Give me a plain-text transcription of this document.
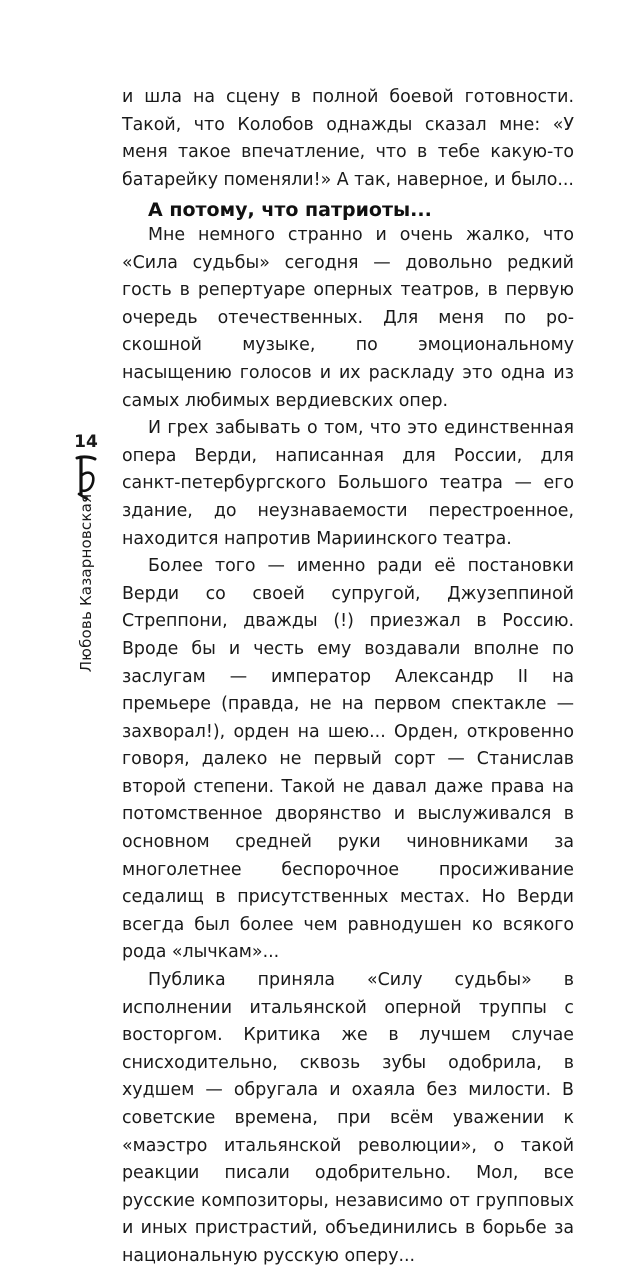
и шла на сцену в полной боевой готовности. Такой, что Колобов однажды сказал мне: «У меня такое впечатление, что в тебе какую-то батарейку поменяли!» А так, наверное, и было...

А потому, что патриоты...

Мне немного странно и очень жалко, что «Сила судьбы» сегодня — довольно редкий гость в репертуаре оперных театров, в первую очередь отечественных. Для меня по роскошной музыке, по эмоциональному насыщению голосов и их раскладу это одна из самых любимых вердиевских опер.

И грех забывать о том, что это единственная опера Верди, написанная для России, для санкт-петербургского Большого театра — его здание, до неузнаваемости перестроенное, находится напротив Мариинского театра.

Более того — именно ради её постановки Верди со своей супругой, Джузеппиной Стреппони, дважды (!) приезжал в Россию. Вроде бы и честь ему воздавали вполне по заслугам — император Александр II на премьере (правда, не на первом спектакле — захворал!), орден на шею... Орден, откровенно говоря, далеко не первый сорт — Станислав второй степени. Такой не давал даже права на потомственное дворянство и выслуживался в основном средней руки чиновниками за многолетнее беспорочное просиживание седалищ в присутственных местах. Но Верди всегда был более чем равнодушен ко всякого рода «лычкам»...

Публика приняла «Силу судьбы» в исполнении итальянской оперной труппы с восторгом. Критика же в лучшем случае снисходительно, сквозь зубы одобрила, в худшем — обругала и охаяла без милости. В советские времена, при всём уважении к «маэстро итальянской революции», о такой реакции писали одобрительно. Мол, все русские композиторы, независимо от групповых и иных пристрастий, объединились в борьбе за национальную русскую оперу...

14
Любовь Казарновская
